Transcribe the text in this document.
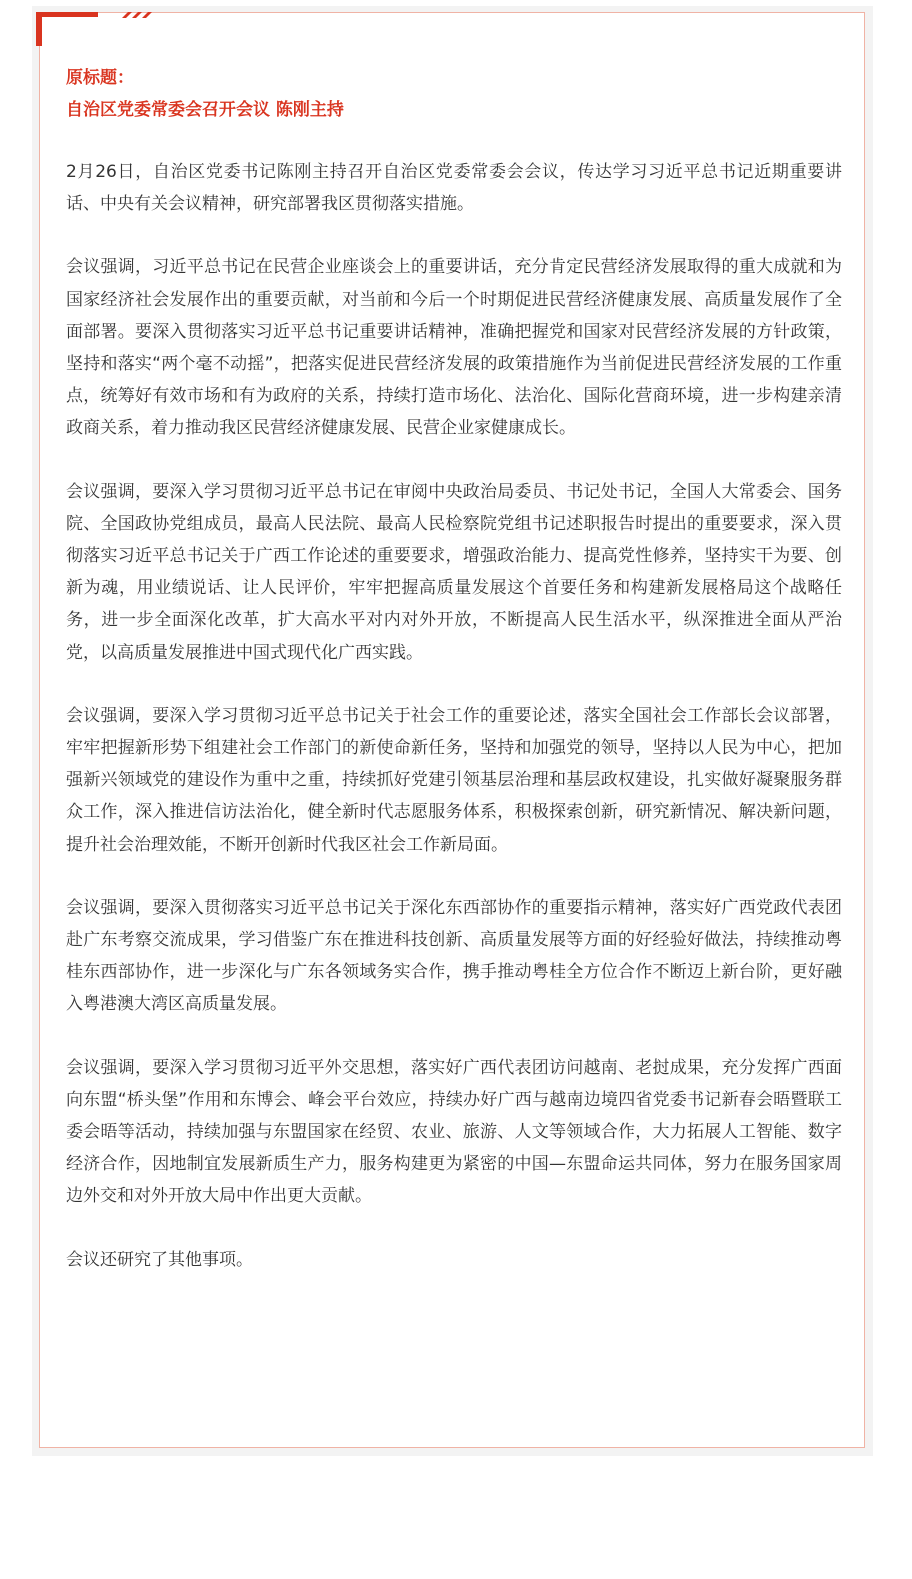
原标题：

自治区党委常委会召开会议 陈刚主持

2月26日，自治区党委书记陈刚主持召开自治区党委常委会会议，传达学习习近平总书记近期重要讲话、中央有关会议精神，研究部署我区贯彻落实措施。

会议强调，习近平总书记在民营企业座谈会上的重要讲话，充分肯定民营经济发展取得的重大成就和为国家经济社会发展作出的重要贡献，对当前和今后一个时期促进民营经济健康发展、高质量发展作了全面部署。要深入贯彻落实习近平总书记重要讲话精神，准确把握党和国家对民营经济发展的方针政策，坚持和落实“两个毫不动摇”，把落实促进民营经济发展的政策措施作为当前促进民营经济发展的工作重点，统筹好有效市场和有为政府的关系，持续打造市场化、法治化、国际化营商环境，进一步构建亲清政商关系，着力推动我区民营经济健康发展、民营企业家健康成长。

会议强调，要深入学习贯彻习近平总书记在审阅中央政治局委员、书记处书记，全国人大常委会、国务院、全国政协党组成员，最高人民法院、最高人民检察院党组书记述职报告时提出的重要要求，深入贯彻落实习近平总书记关于广西工作论述的重要要求，增强政治能力、提高党性修养，坚持实干为要、创新为魂，用业绩说话、让人民评价，牢牢把握高质量发展这个首要任务和构建新发展格局这个战略任务，进一步全面深化改革，扩大高水平对内对外开放，不断提高人民生活水平，纵深推进全面从严治党，以高质量发展推进中国式现代化广西实践。

会议强调，要深入学习贯彻习近平总书记关于社会工作的重要论述，落实全国社会工作部长会议部署，牢牢把握新形势下组建社会工作部门的新使命新任务，坚持和加强党的领导，坚持以人民为中心，把加强新兴领域党的建设作为重中之重，持续抓好党建引领基层治理和基层政权建设，扎实做好凝聚服务群众工作，深入推进信访法治化，健全新时代志愿服务体系，积极探索创新，研究新情况、解决新问题，提升社会治理效能，不断开创新时代我区社会工作新局面。

会议强调，要深入贯彻落实习近平总书记关于深化东西部协作的重要指示精神，落实好广西党政代表团赴广东考察交流成果，学习借鉴广东在推进科技创新、高质量发展等方面的好经验好做法，持续推动粤桂东西部协作，进一步深化与广东各领域务实合作，携手推动粤桂全方位合作不断迈上新台阶，更好融入粤港澳大湾区高质量发展。

会议强调，要深入学习贯彻习近平外交思想，落实好广西代表团访问越南、老挝成果，充分发挥广西面向东盟“桥头堡”作用和东博会、峰会平台效应，持续办好广西与越南边境四省党委书记新春会晤暨联工委会晤等活动，持续加强与东盟国家在经贸、农业、旅游、人文等领域合作，大力拓展人工智能、数字经济合作，因地制宜发展新质生产力，服务构建更为紧密的中国—东盟命运共同体，努力在服务国家周边外交和对外开放大局中作出更大贡献。

会议还研究了其他事项。
